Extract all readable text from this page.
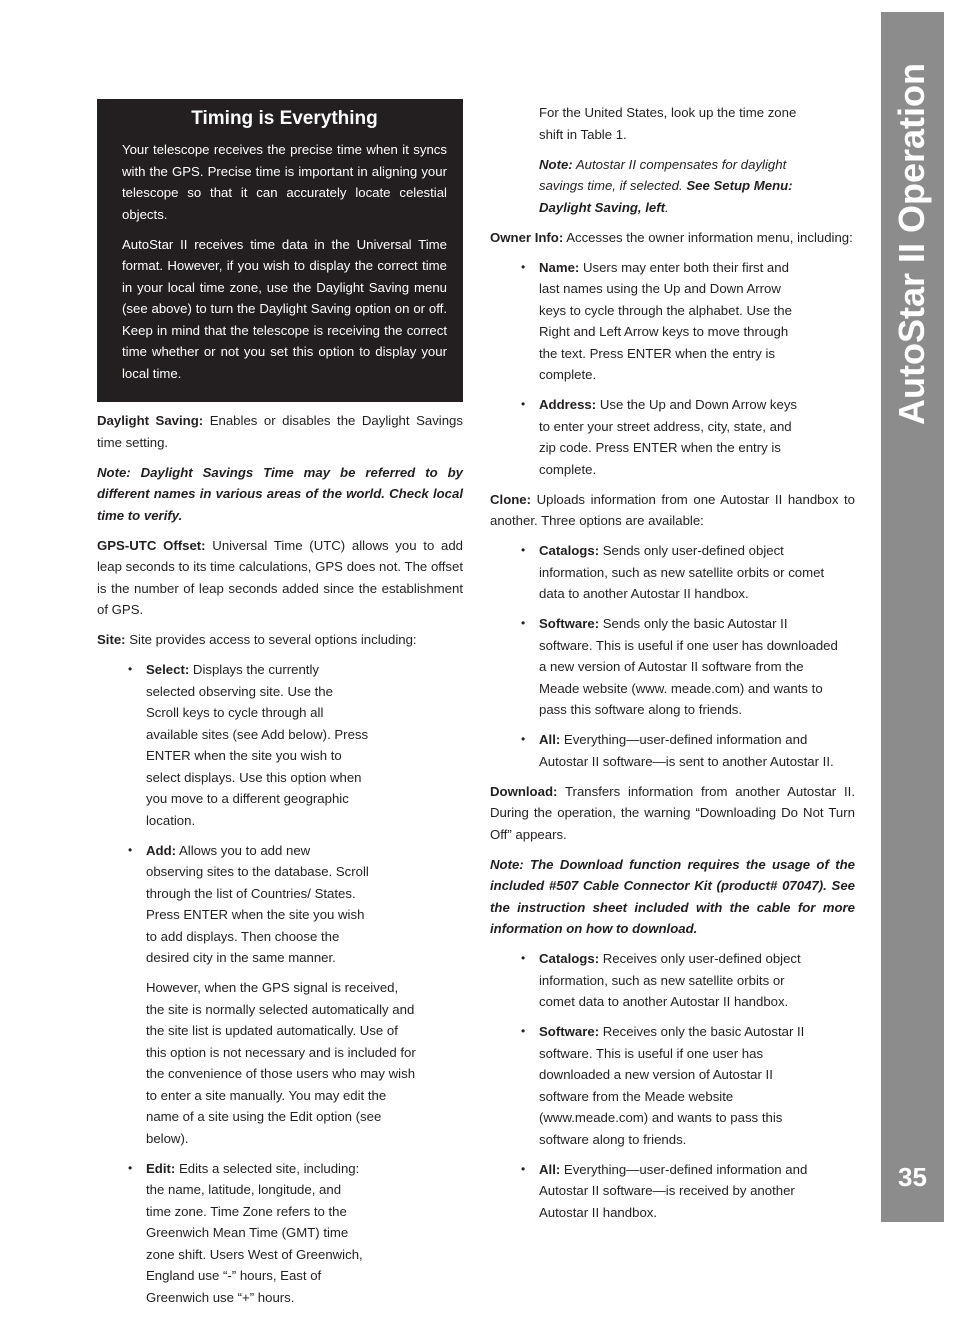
AutoStar II Operation
35
Timing is Everything

Your telescope receives the precise time when it syncs with the GPS. Precise time is important in aligning your telescope so that it can accurately locate celestial objects.

AutoStar II receives time data in the Universal Time format. However, if you wish to display the correct time in your local time zone, use the Daylight Saving menu (see above) to turn the Daylight Saving option on or off. Keep in mind that the telescope is receiving the correct time whether or not you set this option to display your local time.

Daylight Saving: Enables or disables the Daylight Savings time setting.

Note: Daylight Savings Time may be referred to by different names in various areas of the world. Check local time to verify.

GPS-UTC Offset: Universal Time (UTC) allows you to add leap seconds to its time calculations, GPS does not. The offset is the number of leap seconds added since the establishment of GPS.

Site: Site provides access to several options including:

• Select: Displays the currently selected observing site. Use the Scroll keys to cycle through all available sites (see Add below). Press ENTER when the site you wish to select displays. Use this option when you move to a different geographic location.
• Add: Allows you to add new observing sites to the database. Scroll through the list of Countries/ States. Press ENTER when the site you wish to add displays. Then choose the desired city in the same manner.

However, when the GPS signal is received, the site is normally selected automatically and the site list is updated automatically. Use of this option is not necessary and is included for the convenience of those users who may wish to enter a site manually. You may edit the name of a site using the Edit option (see below).

• Edit: Edits a selected site, including: the name, latitude, longitude, and time zone. Time Zone refers to the Greenwich Mean Time (GMT) time zone shift. Users West of Greenwich, England use “-” hours, East of Greenwich use “+” hours.

For the United States, look up the time zone shift in Table 1.

Note: Autostar II compensates for daylight savings time, if selected. See Setup Menu: Daylight Saving, left.

Owner Info: Accesses the owner information menu, including:

• Name: Users may enter both their first and last names using the Up and Down Arrow keys to cycle through the alphabet. Use the Right and Left Arrow keys to move through the text. Press ENTER when the entry is complete.
• Address: Use the Up and Down Arrow keys to enter your street address, city, state, and zip code. Press ENTER when the entry is complete.

Clone: Uploads information from one Autostar II handbox to another. Three options are available:

• Catalogs: Sends only user-defined object information, such as new satellite orbits or comet data to another Autostar II handbox.
• Software: Sends only the basic Autostar II software. This is useful if one user has downloaded a new version of Autostar II software from the Meade website (www. meade.com) and wants to pass this software along to friends.
• All: Everything—user-defined information and Autostar II software—is sent to another Autostar II.

Download: Transfers information from another Autostar II. During the operation, the warning “Downloading Do Not Turn Off” appears.

Note: The Download function requires the usage of the included #507 Cable Connector Kit (product# 07047). See the instruction sheet included with the cable for more information on how to download.

• Catalogs: Receives only user-defined object information, such as new satellite orbits or comet data to another Autostar II handbox.
• Software: Receives only the basic Autostar II software. This is useful if one user has downloaded a new version of Autostar II software from the Meade website (www.meade.com) and wants to pass this software along to friends.
• All: Everything—user-defined information and Autostar II software—is received by another Autostar II handbox.
